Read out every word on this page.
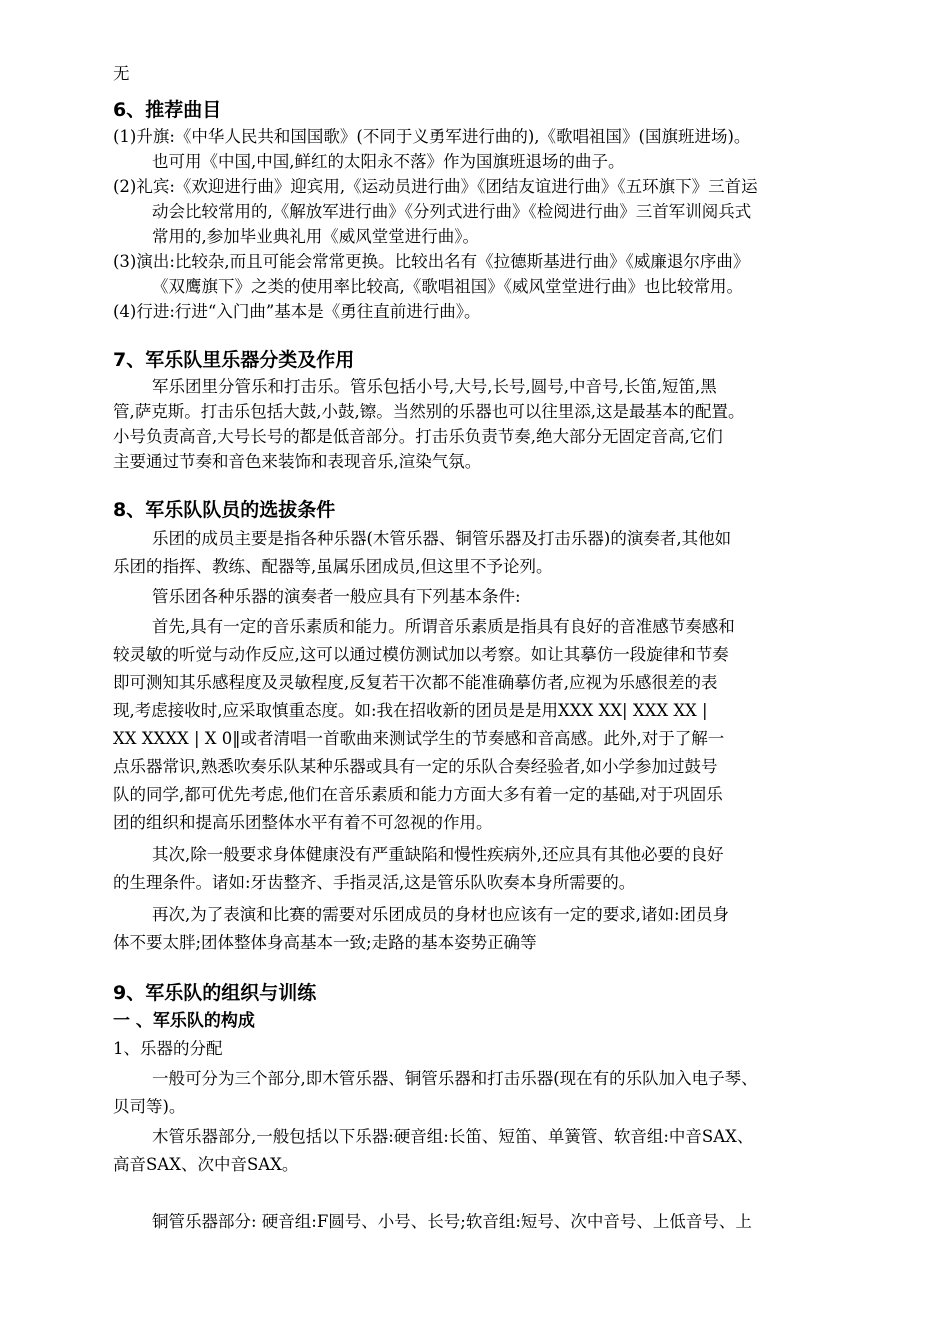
无
6、推荐曲目
(1)升旗:《中华人民共和国国歌》(不同于义勇军进行曲的),《歌唱祖国》(国旗班进场)。
也可用《中国,中国,鲜红的太阳永不落》作为国旗班退场的曲子。
(2)礼宾:《欢迎进行曲》迎宾用,《运动员进行曲》《团结友谊进行曲》《五环旗下》三首运
动会比较常用的,《解放军进行曲》《分列式进行曲》《检阅进行曲》三首军训阅兵式
常用的,参加毕业典礼用《威风堂堂进行曲》。
(3)演出:比较杂,而且可能会常常更换。比较出名有《拉德斯基进行曲》《威廉退尔序曲》
《双鹰旗下》之类的使用率比较高,《歌唱祖国》《威风堂堂进行曲》也比较常用。
(4)行进:行进“入门曲”基本是《勇往直前进行曲》。
7、军乐队里乐器分类及作用
军乐团里分管乐和打击乐。管乐包括小号,大号,长号,圆号,中音号,长笛,短笛,黑
管,萨克斯。打击乐包括大鼓,小鼓,镲。当然别的乐器也可以往里添,这是最基本的配置。
小号负责高音,大号长号的都是低音部分。打击乐负责节奏,绝大部分无固定音高,它们
主要通过节奏和音色来装饰和表现音乐,渲染气氛。
8、军乐队队员的选拔条件
乐团的成员主要是指各种乐器(木管乐器、铜管乐器及打击乐器)的演奏者,其他如
乐团的指挥、教练、配器等,虽属乐团成员,但这里不予论列。
管乐团各种乐器的演奏者一般应具有下列基本条件:
首先,具有一定的音乐素质和能力。所谓音乐素质是指具有良好的音准感节奏感和
较灵敏的听觉与动作反应,这可以通过模仿测试加以考察。如让其摹仿一段旋律和节奏
即可测知其乐感程度及灵敏程度,反复若干次都不能准确摹仿者,应视为乐感很差的表
现,考虑接收时,应采取慎重态度。如:我在招收新的团员是是用XXX XX| XXX XX |
XX XXXX | X 0‖或者清唱一首歌曲来测试学生的节奏感和音高感。此外,对于了解一
点乐器常识,熟悉吹奏乐队某种乐器或具有一定的乐队合奏经验者,如小学参加过鼓号
队的同学,都可优先考虑,他们在音乐素质和能力方面大多有着一定的基础,对于巩固乐
团的组织和提高乐团整体水平有着不可忽视的作用。
其次,除一般要求身体健康没有严重缺陷和慢性疾病外,还应具有其他必要的良好
的生理条件。诸如:牙齿整齐、手指灵活,这是管乐队吹奏本身所需要的。
再次,为了表演和比赛的需要对乐团成员的身材也应该有一定的要求,诸如:团员身
体不要太胖;团体整体身高基本一致;走路的基本姿势正确等
9、军乐队的组织与训练
一 、军乐队的构成
1、乐器的分配
一般可分为三个部分,即木管乐器、铜管乐器和打击乐器(现在有的乐队加入电子琴、
贝司等)。
木管乐器部分,一般包括以下乐器:硬音组:长笛、短笛、单簧管、软音组:中音SAX、
高音SAX、次中音SAX。
铜管乐器部分: 硬音组:F圆号、小号、长号;软音组:短号、次中音号、上低音号、上
